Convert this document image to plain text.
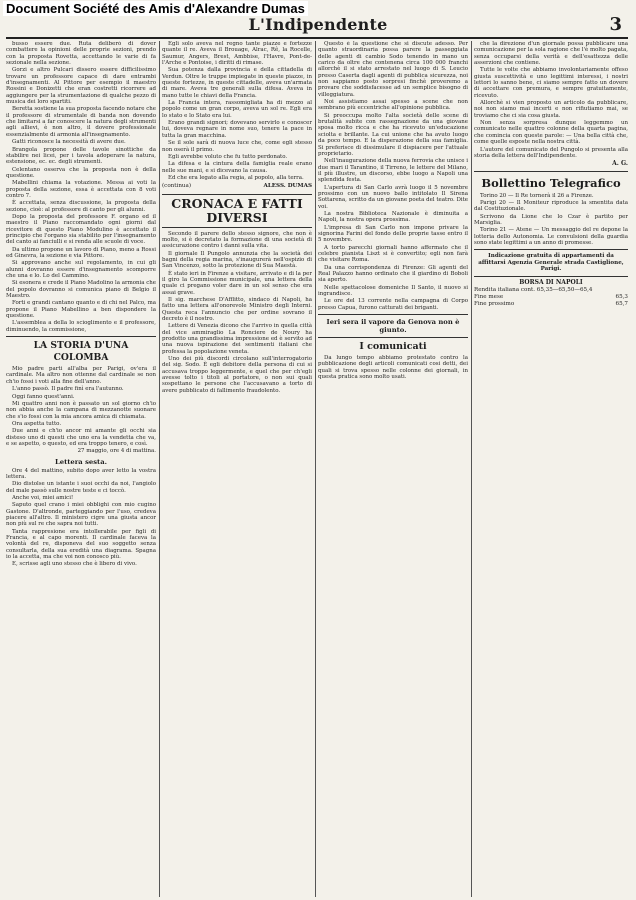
Document Société des Amis d'Alexandre Dumas
L'Indipendente	3

busso essere due. Ruta deliberò di dover combattere la opinioni delle proprie sezioni, prendo con la proposta Rovetta, accettando le varie di fa sezionale nella sezione.

Gorzi e altro Pulcari dissero essere difficilissimo trovare un professore capace di dare entrambi d'insegnamenti. Al Pittore per esempio il maestro Rossini e Donizetti che eran costretti ricorrere ad aggiungere per la strumentazione di qualche pezzo di musica dei loro spartiti.

Beretta sostiene la sua proposta facendo notare che il professore di strumentale di banda non dovendo che limitarsi a far conoscere la natura degli strumenti agli allievi, è non altro, il dovere professionale essenzialmente di armonia all'insegnamento.

Gatti riconosce la necessità di avere due.

Brangola propone delle tavole sinottiche da stabilire nei licei, per i tavola adoperare la natura, estensione, ec. ec. degli strumenti.

Celentano osserva che la proposta non è della questione.

Mabellini chiama la votazione. Messa ai voti la proposta della sezione, essa è accettata con 8 voti contro 7.

È accettata, senza discussione, la proposta della sezione, cioè: al professore di canto per gli alunni.

Dopo la proposta del professore F. organo ed il maestro il Piano raccomandato ogni giorni dal ricevitore di questo Piano Modulino è accettato il principio che l'organo sia stabilito per l'insegnamento del canto ai fanciulli e si renda alle scuole di voce.

Da ultimo propone un lavoro di Piano, meno a Rossi ed Ginevra, la sezione e via Pittore.

Si approvano anche sul regolamento, in cui gli alunni dovranno essere d'insegnamento scomporre che una e lo. Lo del Cammino.

Si esonera e crede il Piano Madolino la armonia che del popolo dovranno si comunica piano di Belgio il Maestro.

Forti e grandi cantano quanto e di chi nel Palco, ma propone il Piano Mabellino a ben dispondere la questione.

L'assemblea a della lo scioglimento e il professore, diminuendo, la commissione,

LA STORIA D'UNA COLOMBA

Mio padre parti all'alba per Parigi, ov'era il cardinale. Ma altro non ottenne dal cardinale se non ch'io fossi i voti alla fine dell'anno.

L'anno passò. Il padre finì era l'autunno.

Oggi fanno quest'anni.

Mi quattro anni non è passato un sol giorno ch'io non abbia anche la campana di mezzanotte suonare che s'io fossi con la mia ancora amica di chiamata.

Ora aspetta tutto.

Due anni e ch'io ancor mi amante gli occhi sia disteso uno di questi che uno era la vendetta che va, e se aspetto, o questo, ed era troppo tenero, e così.

27 maggio, ore 4 di mattina.
Lettera sesta.

Ore 4 del mattino, subito dopo aver letto la vostra lettera.

Dio distolse un istante i suoi occhi da noi, l'angiolo del male passò sulle nostre teste e ci toccò.

Anche voi, miei amici!

Saputo quel crano i miei obblighi con mio cugino Gastone. D'altronde, parteggiando per l'uso, credeva piacere all'altro. Il ministero cigre una giusta ancor non più sul re che sapra noi tutti.

Tanta rappresione era intollerabile per figli di Francia, e al capo morenti. Il cardinale faceva la volontà del re, disponeva del suo soggetto senza consultarla, della sua eredità una diagrama. Spagna io la accetta, ma che voi non conosco più.

E, scrisse agli uno stesso che è libero di vivo.

Egli solo aveva nel regno tante piazze e fortezze quante il re. Aveva il Brouage, Alrac, Rê, la Rocelle, Saumur, Angers, Brest, Ambbise, l'Havre, Pont-de-l'Arche e Pontoise, i diritti di rimase.

Sua potenza dalla provincia e della cittadella di Verdun. Oltre le truppe impiegate in queste piazze, in queste fortezze, in queste cittadelle, aveva un'armata di mare. Aveva tre generali sulla difesa. Aveva in mano tutte le chiavi della Francia.

La Francia intera, rassomigliata ha di mezzo al popolo come un gran corpo, aveva un sol re. Egli era lo stato e lo Stato era lui.

Erano grandi signori; dovevano servirlo e conoscer lui, doveva regnare in nome suo, tenere la pace in tutta la gran macchina.

Se il sole sarà di nuova luce che, come egli stesso non oserà il primo.

Egli avrebbe voluto che fu tutto perdonato.

La difesa e la cintura della famiglia reale erano nelle sue mani, e si dicevano la causa.

Ed che era legato alla regia, al popolo, alla terra.

(continua)	ALESS. DUMAS
CRONACA E FATTI DIVERSI

Secondo il parere dello stesso signore, che non è molto, si è decretato la formazione di una società di assicurazione contro i danni sulla vita.

Il giornale Il Pungolo annunzia che la società dei bagni della regia marina, s'inaugurerà nell'ospizio di San Vincenzo, sotto la protezione di Sua Maestà.

È stato ieri in Firenze a visitare, arrivato e di la per il giro la Commissione municipale, una lettera della quale ci pregano voler dare in un sol senso che era assai grave.

Il sig. marchese D'Afflitto, sindaco di Napoli, ha fatto una lettera all'onorevole Ministro degli Interni. Questa reca l'annuncio che per ordine sovrano il decreto è il nostro.

Lettere di Venezia dicono che l'arrivo in quella città del vice ammiraglio La Ronciere de Noury ha prodotto una grandissima impressione ed è servito ad una nuova ispirazione dei sentimenti italiani che professa la popolazione veneta.

Uno dei più discordi circolano sull'interrogatorio del sig. Sodo. È egli debitore della persona di cui si accusava troppo leggermente, e quel che per ch'egli avesse tolto i titoli al portatore, o non sui quali sospettano le persone che l'accusavano a torto di avere pubblicato di fallimento fraudolento.

Questo è la questione che si discute adesso. Per quanto straordinaria possa parere la passeggiata delle agenti di cambio Sodo tenendo in mano un carico da oltre che contenena circa 100 000 franchi allorchè il si stato arrestato nel luogo di S. Leucio presso Caserta dagli agenti di pubblica sicurezza, noi non sappiamo posto sorpresi finchè proveremo a provare che soddisfacesse ad un semplice bisogno di villeggiatura.

Noi assistiamo assai spesso a scene che non sembrano più eccentriche all'opinione pubblica.

Si preoccupa molto l'alta società delle scene di brutalità subite con rassegnazione da una giovane sposa molto ricca e che ha ricevuto un'educazione sciolta e brillante. La cui unione che ha avuto luogo da poco tempo. E la disperazione della sua famiglia. Si preferisce di dissimulare il dispiacere per l'attuale proprietario.

Nell'inaugurazione della nuova ferrovia che unisce i due mari il Tarantino, il Tirreno, le lettere del Milano, il più illustre, un discorso, ebbe luogo a Napoli una splendida festa.

L'apertura di San Carlo avrà luogo il 5 novembre prossimo con un nuovo ballo intitolato Il Sirena Sottarena, scritto da un giovane poeta del teatro. Dite voi.

La nostra Biblioteca Nazionale è diminuita a Napoli, la nostra opera prossima.

L'impresa di San Carlo non impone privare la signorina Farini del fondo delle proprie tasse entro il 5 novembre.

A torto parecchi giornali hanno affermato che il celebre pianista Liszt si è convertito; egli non farà che visitare Roma.

Da una corrispondenza di Firenze: Gli agenti del Real Palazzo hanno ordinato che il giardino di Boboli sia aperto.

Nelle spettacolose domeniche Il Santo, il nuovo si ingrandisce.

Le ore del 13 corrente nella campagna di Corpo presso Capua, furono catturati dei briganti.

Ieri sera il vapore da Genova non è giunto.
I comunicati

Da lungo tempo abbiamo protestato contro la pubblicazione degli articoli comunicati cosi detti, dei quali si trova spesso nelle colonne dei giornali, in questa pratica sono molto usati.

che la direzione d'un giornale possa pubblicare una comunicazione per la sola ragione che l'è molto pagata, senza occuparsi della verità e dell'esattezza delle asserzioni che contiene.

Tutte le volte che abbiamo involontariamente offeso giusta suscettività e uno legittimi interessi, i nostri lettori lo sanno bene, ci siamo sempre fatto un dovere di accettare con premura, e sempre gratuitamente, ricevuto.

Allorchè si vien proposto un articolo da pubblicare, noi non siamo mai incerti e non rifiutiamo mai, se troviamo che ci sia cosa giusta.

Non senza sorpresa dunque leggemmo un comunicato nelle quattro colonne della quarta pagina, che comincia con queste parole: — Una bella città che, come quelle esposte nella nostra città.

L'autore del comunicato del Pungolo si presenta alla storia della lettera dell'Indipendente.

A. G.
Bollettino Telegrafico

Torino 20 — Il Re tornerà il 26 a Firenze.

Parigi 20 — Il Moniteur riproduce la smentita data dal Costituzionale.

Scrivono da Lione che lo Czar è partito per Marsiglia.

Torino 21 — Atene — Un messaggio del re depone la lotteria dello Autonomia. Le convulsioni della guardia sono state legittimi a un anno di promesse.

Indicazione gratuita di appartamenti da affittarsi Agenzia Generale strada Castiglione, Parigi.
BORSA DI NAPOLI
Rendita italiana cont. 65,35—65,50—65,4
Fine mese	65,3
Fine prossimo	65,7
